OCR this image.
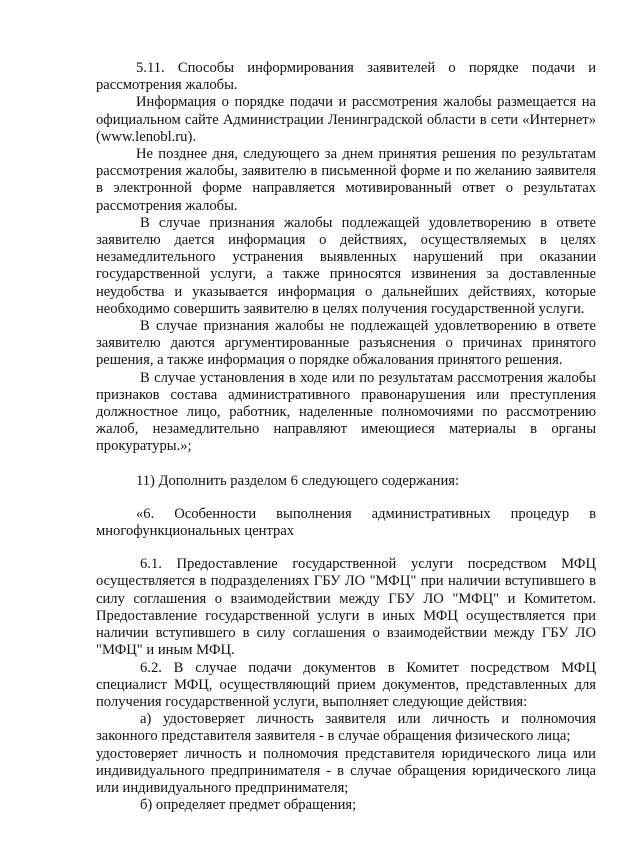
5.11. Способы информирования заявителей о порядке подачи и рассмотрения жалобы.

Информация о порядке подачи и рассмотрения жалобы размещается на официальном сайте Администрации Ленинградской области в сети «Интернет» (www.lenobl.ru).

Не позднее дня, следующего за днем принятия решения по результатам рассмотрения жалобы, заявителю в письменной форме и по желанию заявителя в электронной форме направляется мотивированный ответ о результатах рассмотрения жалобы.

В случае признания жалобы подлежащей удовлетворению в ответе заявителю дается информация о действиях, осуществляемых в целях незамедлительного устранения выявленных нарушений при оказании государственной услуги, а также приносятся извинения за доставленные неудобства и указывается информация о дальнейших действиях, которые необходимо совершить заявителю в целях получения государственной услуги.

В случае признания жалобы не подлежащей удовлетворению в ответе заявителю даются аргументированные разъяснения о причинах принятого решения, а также информация о порядке обжалования принятого решения.

В случае установления в ходе или по результатам рассмотрения жалобы признаков состава административного правонарушения или преступления должностное лицо, работник, наделенные полномочиями по рассмотрению жалоб, незамедлительно направляют имеющиеся материалы в органы прокуратуры.»;

11) Дополнить разделом 6 следующего содержания:

«6. Особенности выполнения административных процедур в многофункциональных центрах

6.1. Предоставление государственной услуги посредством МФЦ осуществляется в подразделениях ГБУ ЛО "МФЦ" при наличии вступившего в силу соглашения о взаимодействии между ГБУ ЛО "МФЦ" и Комитетом. Предоставление государственной услуги в иных МФЦ осуществляется при наличии вступившего в силу соглашения о взаимодействии между ГБУ ЛО "МФЦ" и иным МФЦ.

6.2. В случае подачи документов в Комитет посредством МФЦ специалист МФЦ, осуществляющий прием документов, представленных для получения государственной услуги, выполняет следующие действия:

а) удостоверяет личность заявителя или личность и полномочия законного представителя заявителя - в случае обращения физического лица;

удостоверяет личность и полномочия представителя юридического лица или индивидуального предпринимателя - в случае обращения юридического лица или индивидуального предпринимателя;

б) определяет предмет обращения;
